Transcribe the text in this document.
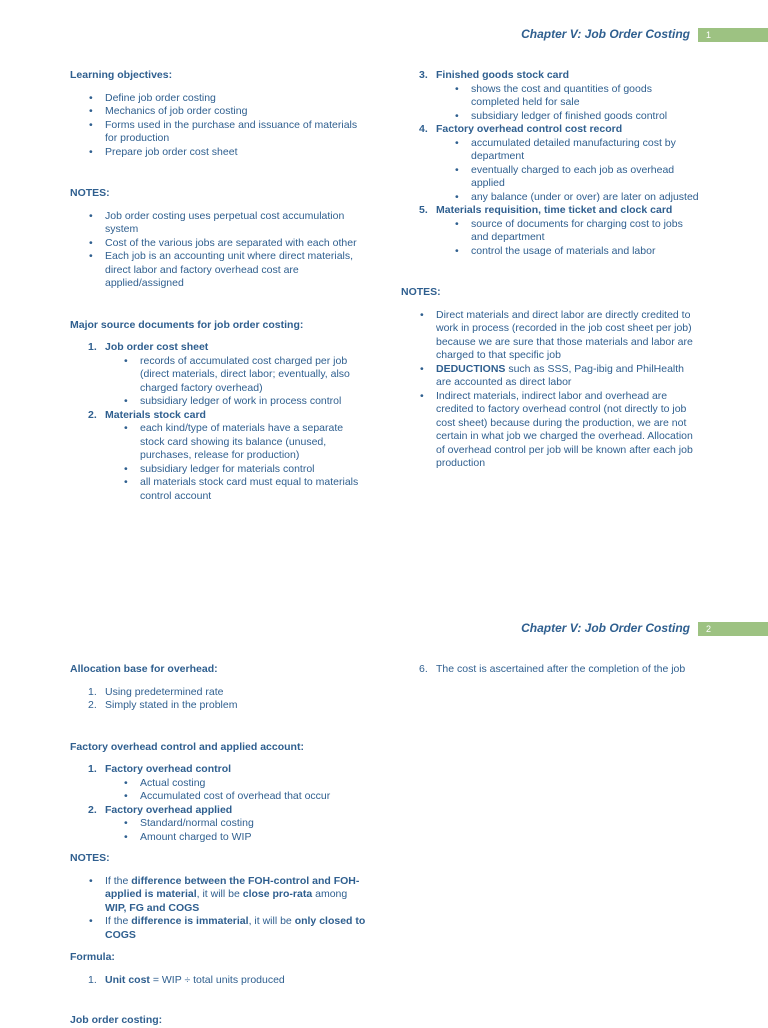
Chapter V: Job Order Costing	1

Learning objectives:

• Define job order costing
• Mechanics of job order costing
• Forms used in the purchase and issuance of materials for production
• Prepare job order cost sheet

NOTES:

• Job order costing uses perpetual cost accumulation system
• Cost of the various jobs are separated with each other
• Each job is an accounting unit where direct materials, direct labor and factory overhead cost are applied/assigned

Major source documents for job order costing:

1. Job order cost sheet
• records of accumulated cost charged per job (direct materials, direct labor; eventually, also charged factory overhead)
• subsidiary ledger of work in process control
2. Materials stock card
• each kind/type of materials have a separate stock card showing its balance (unused, purchases, release for production)
• subsidiary ledger for materials control
• all materials stock card must equal to materials control account
3. Finished goods stock card
• shows the cost and quantities of goods completed held for sale
• subsidiary ledger of finished goods control
4. Factory overhead control cost record
• accumulated detailed manufacturing cost by department
• eventually charged to each job as overhead applied
• any balance (under or over) are later on adjusted
5. Materials requisition, time ticket and clock card
• source of documents for charging cost to jobs and department
• control the usage of materials and labor

NOTES:

• Direct materials and direct labor are directly credited to work in process (recorded in the job cost sheet per job) because we are sure that those materials and labor are charged to that specific job
• DEDUCTIONS such as SSS, Pag-ibig and PhilHealth are accounted as direct labor
• Indirect materials, indirect labor and overhead are credited to factory overhead control (not directly to job cost sheet) because during the production, we are not certain in what job we charged the overhead. Allocation of overhead control per job will be known after each job production
Chapter V: Job Order Costing	2

Allocation base for overhead:

1. Using predetermined rate
2. Simply stated in the problem

Factory overhead control and applied account:

1. Factory overhead control
• Actual costing
• Accumulated cost of overhead that occur
2. Factory overhead applied
• Standard/normal costing
• Amount charged to WIP

NOTES:

• If the difference between the FOH-control and FOH-applied is material, it will be close pro-rata among WIP, FG and COGS
• If the difference is immaterial, it will be only closed to COGS

Formula:

1. Unit cost = WIP ÷ total units produced

Job order costing:

6. The cost is ascertained after the completion of the job
